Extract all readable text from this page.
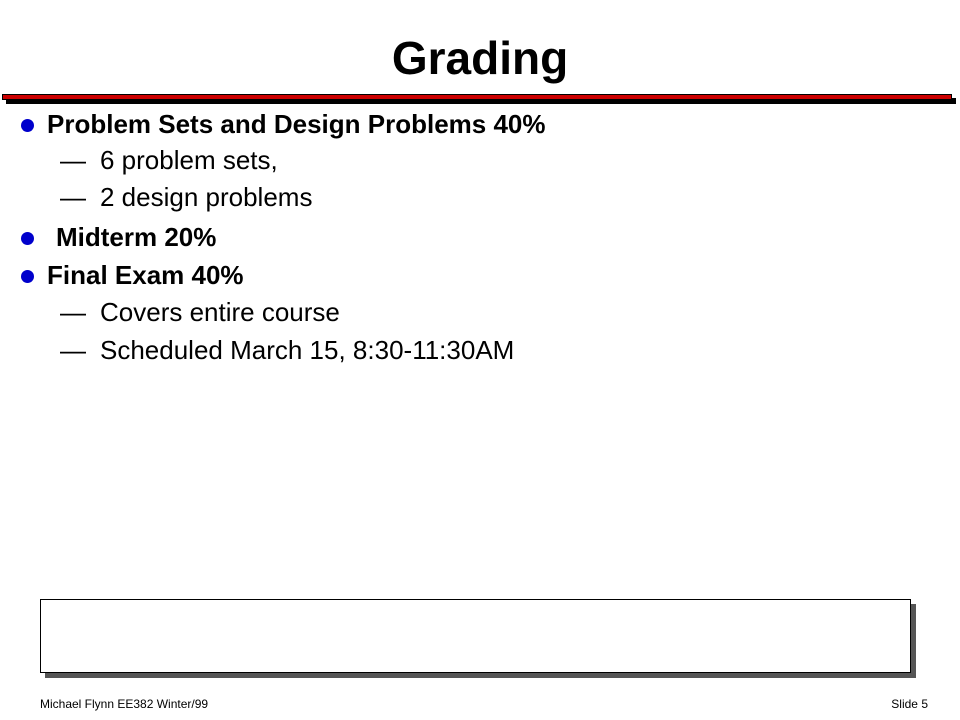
Grading
Problem Sets and Design Problems 40%
— 6 problem sets,
— 2 design problems
Midterm 20%
Final Exam 40%
— Covers entire course
— Scheduled March 15, 8:30-11:30AM
Michael Flynn EE382 Winter/99	Slide 5
